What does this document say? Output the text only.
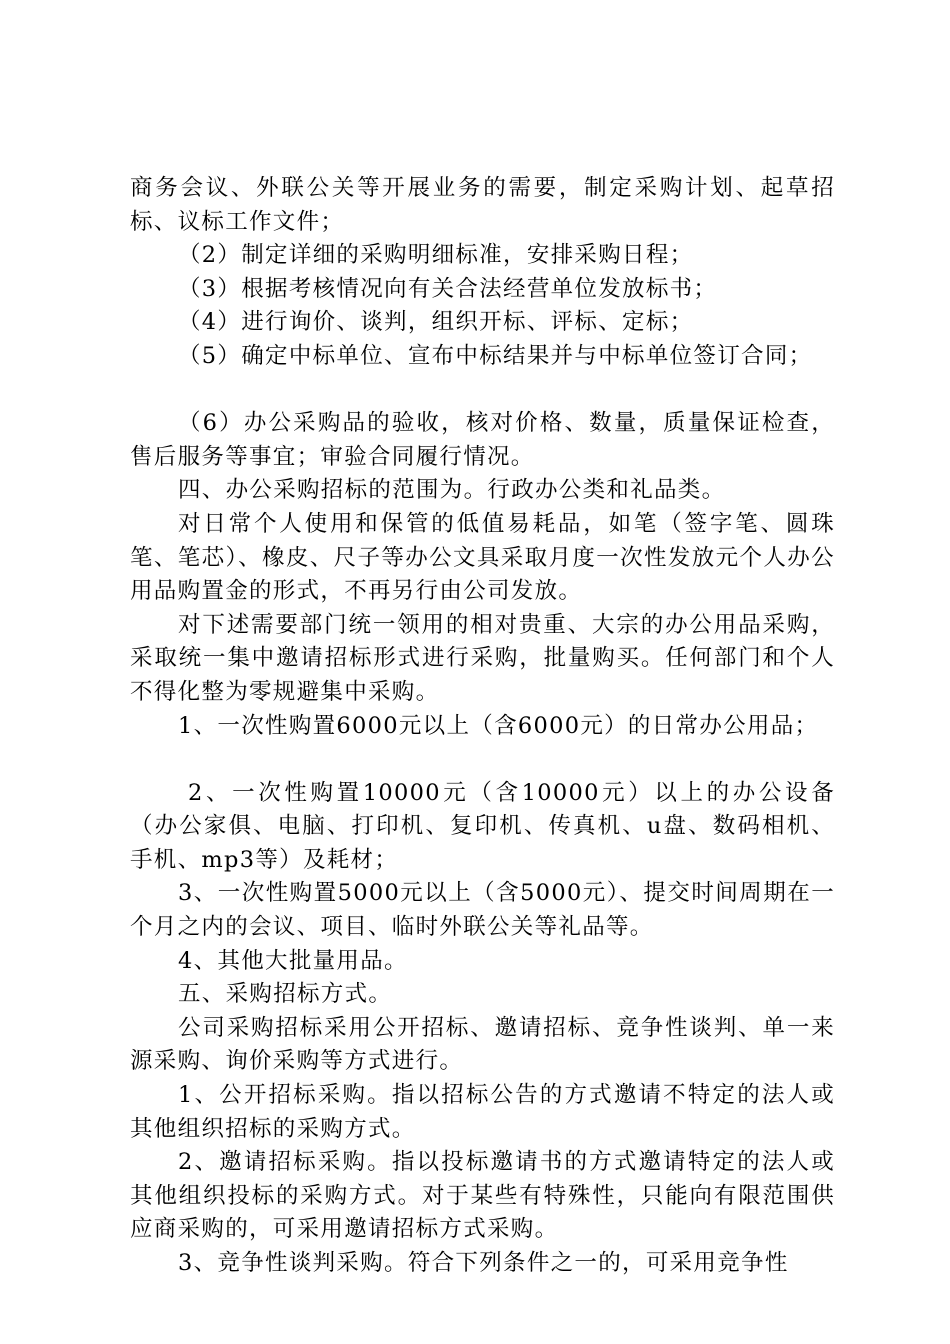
商务会议、外联公关等开展业务的需要，制定采购计划、起草招标、议标工作文件；

（2）制定详细的采购明细标准，安排采购日程；

（3）根据考核情况向有关合法经营单位发放标书；

（4）进行询价、谈判，组织开标、评标、定标；

（5）确定中标单位、宣布中标结果并与中标单位签订合同；

（6）办公采购品的验收，核对价格、数量，质量保证检查，售后服务等事宜；审验合同履行情况。

四、办公采购招标的范围为。行政办公类和礼品类。

对日常个人使用和保管的低值易耗品，如笔（签字笔、圆珠笔、笔芯）、橡皮、尺子等办公文具采取月度一次性发放元个人办公用品购置金的形式，不再另行由公司发放。

对下述需要部门统一领用的相对贵重、大宗的办公用品采购，采取统一集中邀请招标形式进行采购，批量购买。任何部门和个人不得化整为零规避集中采购。

1、一次性购置6000元以上（含6000元）的日常办公用品；

2、一次性购置10000元（含10000元）以上的办公设备（办公家俱、电脑、打印机、复印机、传真机、u盘、数码相机、手机、mp3等）及耗材；

3、一次性购置5000元以上（含5000元）、提交时间周期在一个月之内的会议、项目、临时外联公关等礼品等。

4、其他大批量用品。

五、采购招标方式。

公司采购招标采用公开招标、邀请招标、竞争性谈判、单一来源采购、询价采购等方式进行。

1、公开招标采购。指以招标公告的方式邀请不特定的法人或其他组织招标的采购方式。

2、邀请招标采购。指以投标邀请书的方式邀请特定的法人或其他组织投标的采购方式。对于某些有特殊性，只能向有限范围供应商采购的，可采用邀请招标方式采购。

3、竞争性谈判采购。符合下列条件之一的，可采用竞争性
